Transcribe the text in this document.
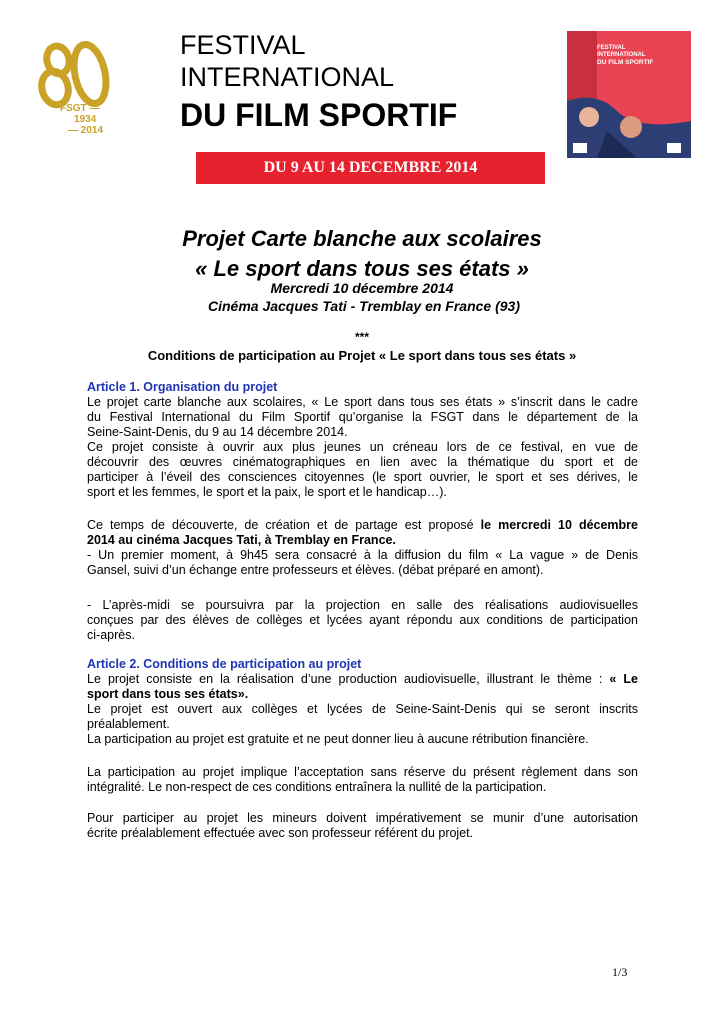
FSGT —
1934
— 2014
FESTIVAL
INTERNATIONAL
DU FILM SPORTIF
FESTIVAL
INTERNATIONAL
DU FILM SPORTIF
DU 9 AU 14 DECEMBRE 2014
Projet Carte blanche aux scolaires
« Le sport dans tous ses états »
Mercredi 10 décembre 2014
Cinéma Jacques Tati - Tremblay en France (93)
***
Conditions de participation au Projet « Le sport dans tous ses états »
Article 1. Organisation du projet
Le projet carte blanche aux scolaires, « Le sport dans tous ses états » s’inscrit dans le cadre
du Festival International du Film Sportif qu’organise la FSGT dans le département de la
Seine-Saint-Denis, du 9 au 14 décembre 2014.
Ce projet consiste à ouvrir aux plus jeunes un créneau lors de ce festival, en vue de
découvrir des œuvres cinématographiques en lien avec la thématique du sport et de
participer à l’éveil des consciences citoyennes (le sport ouvrier, le sport et ses dérives, le
sport et les femmes, le sport et la paix, le sport et le handicap…).
Ce temps de découverte, de création et de partage est proposé le mercredi 10 décembre
2014 au cinéma Jacques Tati, à Tremblay en France.
- Un premier moment, à 9h45 sera consacré à la diffusion du film « La vague » de Denis
Gansel, suivi d’un échange entre professeurs et élèves. (débat préparé en amont).
- L’après-midi se poursuivra par la projection en salle des réalisations audiovisuelles
conçues par des élèves de collèges et lycées ayant répondu aux conditions de participation
ci-après.
Article 2. Conditions de participation au projet
Le projet consiste en la réalisation d’une production audiovisuelle, illustrant le thème : « Le
sport dans tous ses états».
Le projet est ouvert aux collèges et lycées de Seine-Saint-Denis qui se seront inscrits
préalablement.
La participation au projet est gratuite et ne peut donner lieu à aucune rétribution financière.
La participation au projet implique l’acceptation sans réserve du présent règlement dans son
intégralité. Le non-respect de ces conditions entraînera la nullité de la participation.
Pour participer au projet les mineurs doivent impérativement se munir d’une autorisation
écrite préalablement effectuée avec son professeur référent du projet.
1/3
